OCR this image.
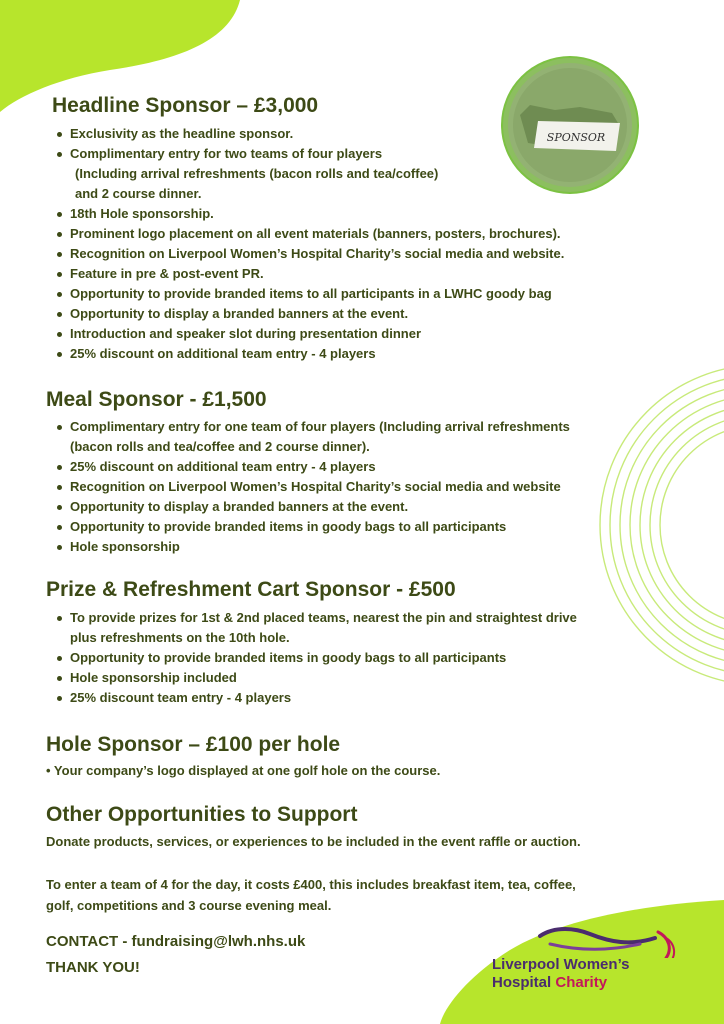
SPONSOR
Headline Sponsor – £3,000
Exclusivity as the headline sponsor.
Complimentary entry for two teams of four players
(Including arrival refreshments (bacon rolls and tea/coffee)
and 2 course dinner.
18th Hole sponsorship.
Prominent logo placement on all event materials (banners, posters, brochures).
Recognition on Liverpool Women’s Hospital Charity’s social media and website.
Feature in pre & post-event PR.
Opportunity to provide branded items to all participants in a LWHC goody bag
Opportunity to display a branded banners at the event.
Introduction and speaker slot during presentation dinner
25% discount on additional team entry - 4 players
Meal Sponsor - £1,500
Complimentary entry for one team of four players (Including arrival refreshments
(bacon rolls and tea/coffee and 2 course dinner).
25% discount on additional team entry - 4 players
Recognition on Liverpool Women’s Hospital Charity’s social media and website
Opportunity to display a branded banners at the event.
Opportunity to provide branded items in goody bags to all participants
Hole sponsorship
Prize & Refreshment Cart Sponsor - £500
To provide prizes for 1st & 2nd placed teams, nearest the pin and straightest drive
plus refreshments on the 10th hole.
Opportunity to provide branded items in goody bags to all participants
Hole sponsorship included
25% discount team entry - 4 players
Hole Sponsor – £100 per hole

• Your company’s logo displayed at one golf hole on the course.

Other Opportunities to Support

Donate products, services, or experiences to be included in the event raffle or auction.

To enter a team of 4 for the day, it costs £400, this includes breakfast item, tea, coffee,

golf, competitions and 3 course evening meal.

CONTACT - fundraising@lwh.nhs.uk

THANK YOU!	Liverpool Women’s
Hospital Charity
